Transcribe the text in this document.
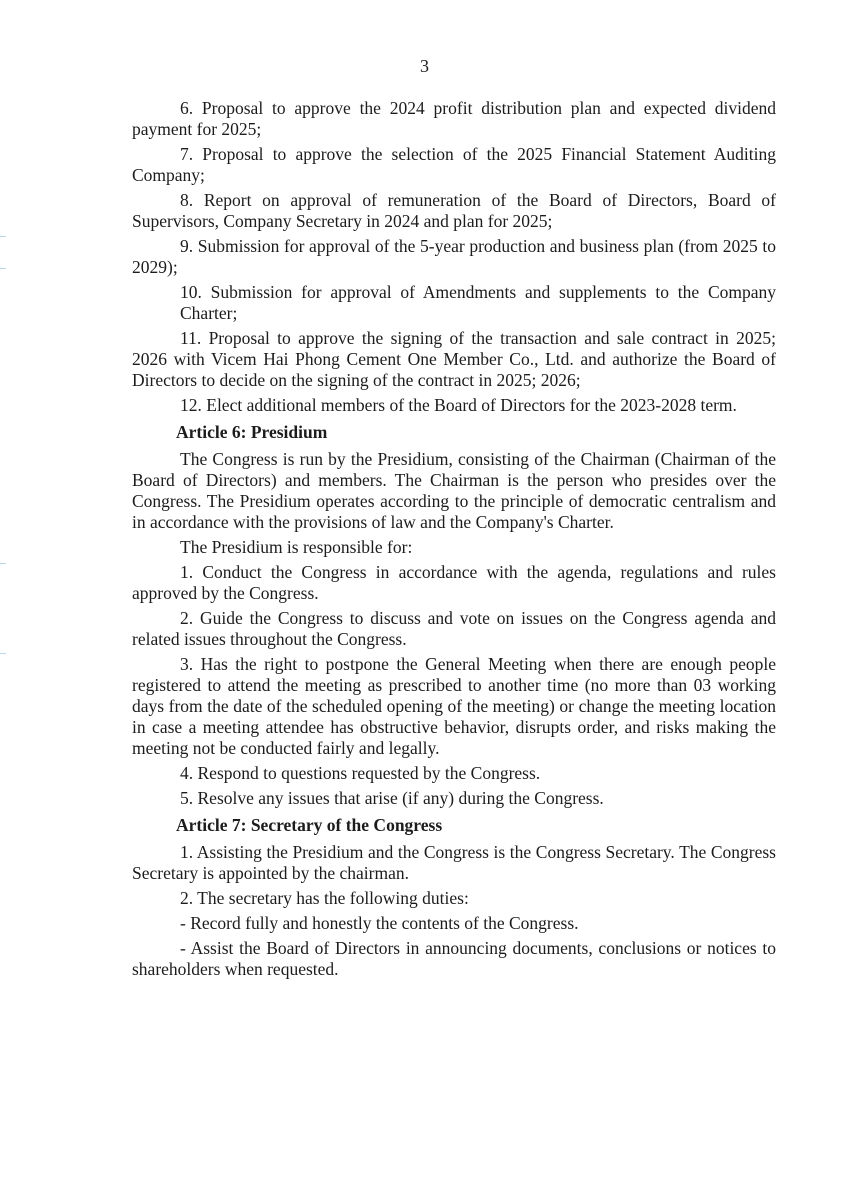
3

6. Proposal to approve the 2024 profit distribution plan and expected dividend payment for 2025;

7. Proposal to approve the selection of the 2025 Financial Statement Auditing Company;

8. Report on approval of remuneration of the Board of Directors, Board of Supervisors, Company Secretary in 2024 and plan for 2025;

9. Submission for approval of the 5-year production and business plan (from 2025 to 2029);

10. Submission for approval of Amendments and supplements to the Company Charter;

11. Proposal to approve the signing of the transaction and sale contract in 2025; 2026 with Vicem Hai Phong Cement One Member Co., Ltd. and authorize the Board of Directors to decide on the signing of the contract in 2025; 2026;

12. Elect additional members of the Board of Directors for the 2023-2028 term.

Article 6: Presidium

The Congress is run by the Presidium, consisting of the Chairman (Chairman of the Board of Directors) and members. The Chairman is the person who presides over the Congress. The Presidium operates according to the principle of democratic centralism and in accordance with the provisions of law and the Company's Charter.

The Presidium is responsible for:

1. Conduct the Congress in accordance with the agenda, regulations and rules approved by the Congress.

2. Guide the Congress to discuss and vote on issues on the Congress agenda and related issues throughout the Congress.

3. Has the right to postpone the General Meeting when there are enough people registered to attend the meeting as prescribed to another time (no more than 03 working days from the date of the scheduled opening of the meeting) or change the meeting location in case a meeting attendee has obstructive behavior, disrupts order, and risks making the meeting not be conducted fairly and legally.

4. Respond to questions requested by the Congress.

5. Resolve any issues that arise (if any) during the Congress.

Article 7: Secretary of the Congress

1. Assisting the Presidium and the Congress is the Congress Secretary. The Congress Secretary is appointed by the chairman.

2. The secretary has the following duties:

- Record fully and honestly the contents of the Congress.

- Assist the Board of Directors in announcing documents, conclusions or notices to shareholders when requested.
